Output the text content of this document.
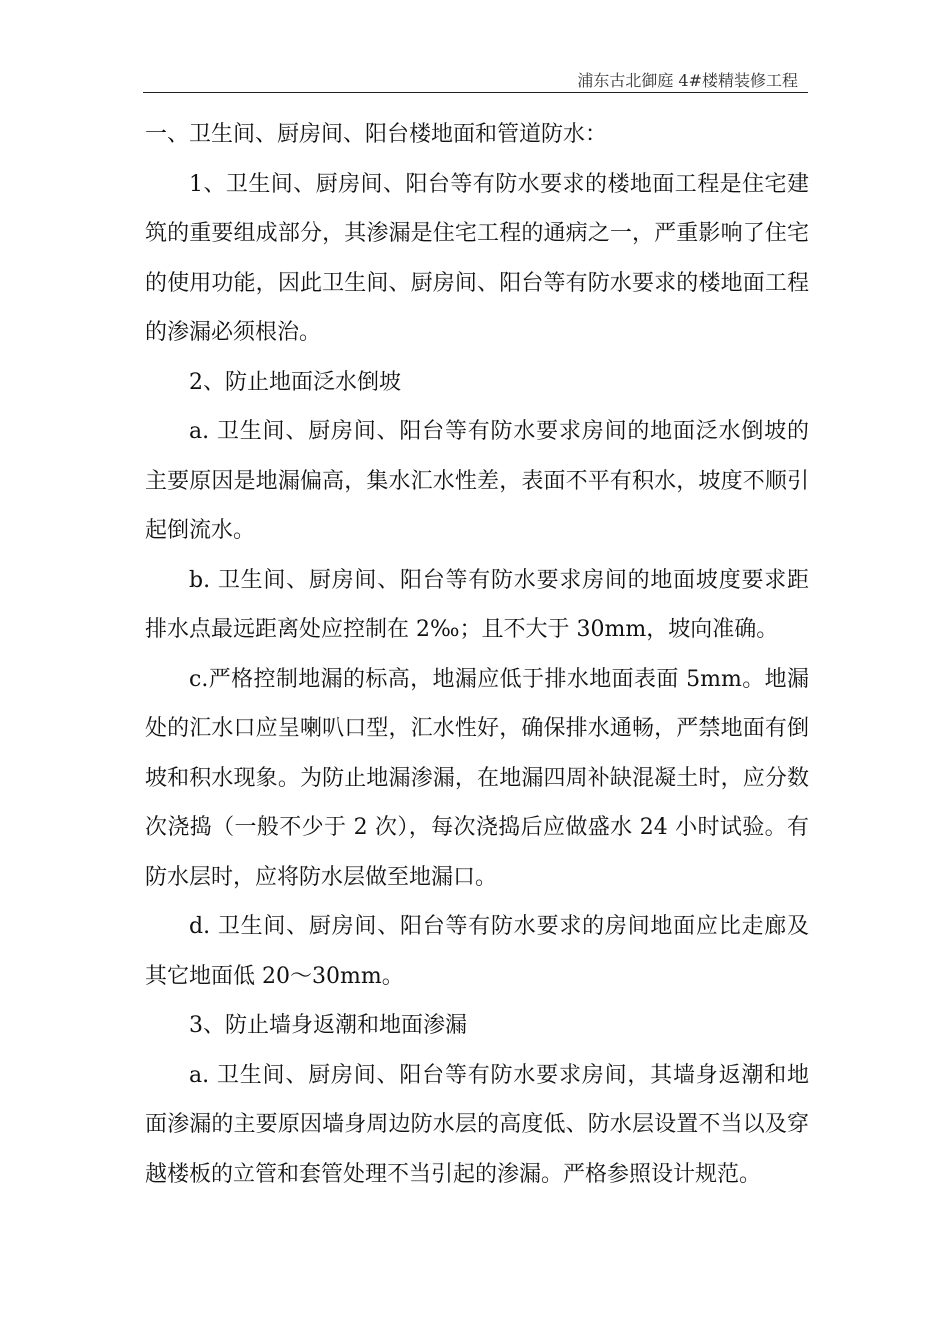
浦东古北御庭 4#楼精装修工程

一、卫生间、厨房间、阳台楼地面和管道防水：

1、卫生间、厨房间、阳台等有防水要求的楼地面工程是住宅建筑的重要组成部分，其渗漏是住宅工程的通病之一，严重影响了住宅的使用功能，因此卫生间、厨房间、阳台等有防水要求的楼地面工程的渗漏必须根治。

2、防止地面泛水倒坡

a. 卫生间、厨房间、阳台等有防水要求房间的地面泛水倒坡的主要原因是地漏偏高，集水汇水性差，表面不平有积水，坡度不顺引起倒流水。

b. 卫生间、厨房间、阳台等有防水要求房间的地面坡度要求距排水点最远距离处应控制在 2‰；且不大于 30mm，坡向准确。

c.严格控制地漏的标高，地漏应低于排水地面表面 5mm。地漏处的汇水口应呈喇叭口型，汇水性好，确保排水通畅，严禁地面有倒坡和积水现象。为防止地漏渗漏，在地漏四周补缺混凝土时，应分数次浇捣（一般不少于 2 次），每次浇捣后应做盛水 24 小时试验。有防水层时，应将防水层做至地漏口。

d. 卫生间、厨房间、阳台等有防水要求的房间地面应比走廊及其它地面低 20～30mm。

3、防止墙身返潮和地面渗漏

a. 卫生间、厨房间、阳台等有防水要求房间，其墙身返潮和地面渗漏的主要原因墙身周边防水层的高度低、防水层设置不当以及穿越楼板的立管和套管处理不当引起的渗漏。严格参照设计规范。
